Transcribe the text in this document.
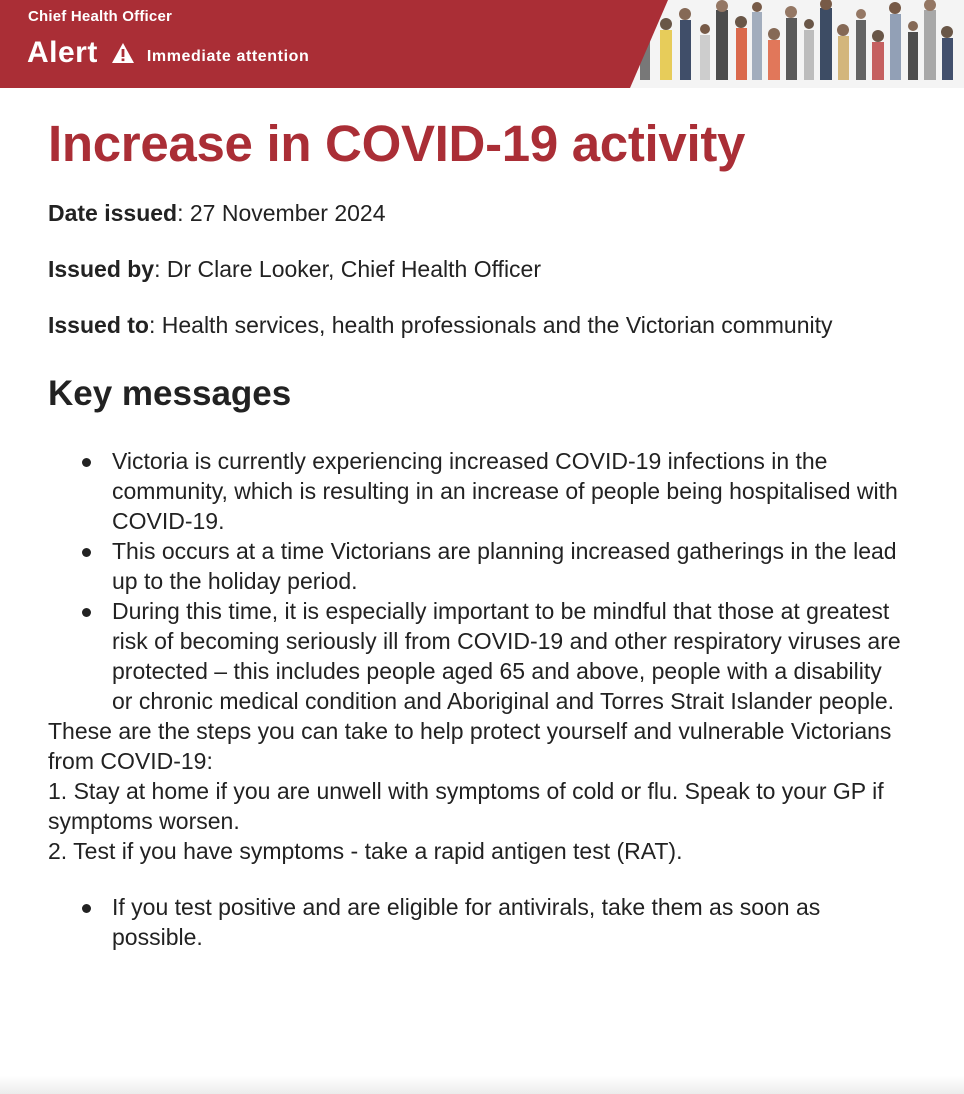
Chief Health Officer
Alert	Immediate attention
Increase in COVID-19 activity

Date issued: 27 November 2024

Issued by: Dr Clare Looker, Chief Health Officer

Issued to: Health services, health professionals and the Victorian community

Key messages
Victoria is currently experiencing increased COVID-19 infections in the community, which is resulting in an increase of people being hospitalised with COVID-19.
This occurs at a time Victorians are planning increased gatherings in the lead up to the holiday period.
During this time, it is especially important to be mindful that those at greatest risk of becoming seriously ill from COVID-19 and other respiratory viruses are protected – this includes people aged 65 and above, people with a disability or chronic medical condition and Aboriginal and Torres Strait Islander people.

These are the steps you can take to help protect yourself and vulnerable Victorians from COVID-19:

1. Stay at home if you are unwell with symptoms of cold or flu. Speak to your GP if symptoms worsen.

2. Test if you have symptoms - take a rapid antigen test (RAT).

If you test positive and are eligible for antivirals, take them as soon as possible.
